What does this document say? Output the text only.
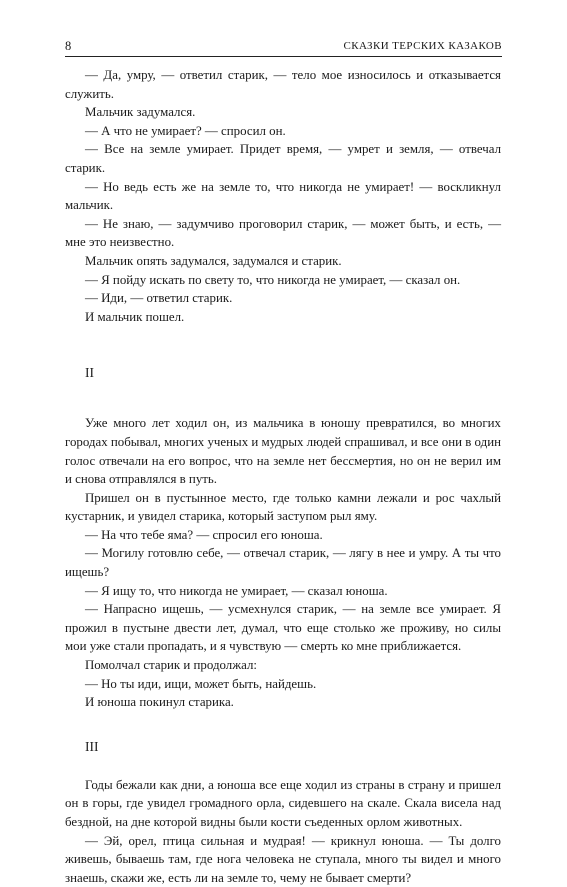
8	СКАЗКИ ТЕРСКИХ КАЗАКОВ

— Да, умру, — ответил старик, — тело мое износилось и отказывается служить.

Мальчик задумался.

— А что не умирает? — спросил он.

— Все на земле умирает. Придет время, — умрет и земля, — отвечал старик.

— Но ведь есть же на земле то, что никогда не умирает! — воскликнул мальчик.

— Не знаю, — задумчиво проговорил старик, — может быть, и есть, — мне это неизвестно.

Мальчик опять задумался, задумался и старик.

— Я пойду искать по свету то, что никогда не умирает, — сказал он.

— Иди, — ответил старик.

И мальчик пошел.

II

Уже много лет ходил он, из мальчика в юношу превратился, во многих городах побывал, многих ученых и мудрых людей спрашивал, и все они в один голос отвечали на его вопрос, что на земле нет бессмертия, но он не верил им и снова отправлялся в путь.

Пришел он в пустынное место, где только камни лежали и рос чахлый кустарник, и увидел старика, который заступом рыл яму.

— На что тебе яма? — спросил его юноша.

— Могилу готовлю себе, — отвечал старик, — лягу в нее и умру. А ты что ищешь?

— Я ищу то, что никогда не умирает, — сказал юноша.

— Напрасно ищешь, — усмехнулся старик, — на земле все умирает. Я прожил в пустыне двести лет, думал, что еще столько же проживу, но силы мои уже стали пропадать, и я чувствую — смерть ко мне приближается.

Помолчал старик и продолжал:

— Но ты иди, ищи, может быть, найдешь.

И юноша покинул старика.

III

Годы бежали как дни, а юноша все еще ходил из страны в страну и пришел он в горы, где увидел громадного орла, сидевшего на скале. Скала висела над бездной, на дне которой видны были кости съеденных орлом животных.

— Эй, орел, птица сильная и мудрая! — крикнул юноша. — Ты долго живешь, бываешь там, где нога человека не ступала, много ты видел и много знаешь, скажи же, есть ли на земле то, чему не бывает смерти?
